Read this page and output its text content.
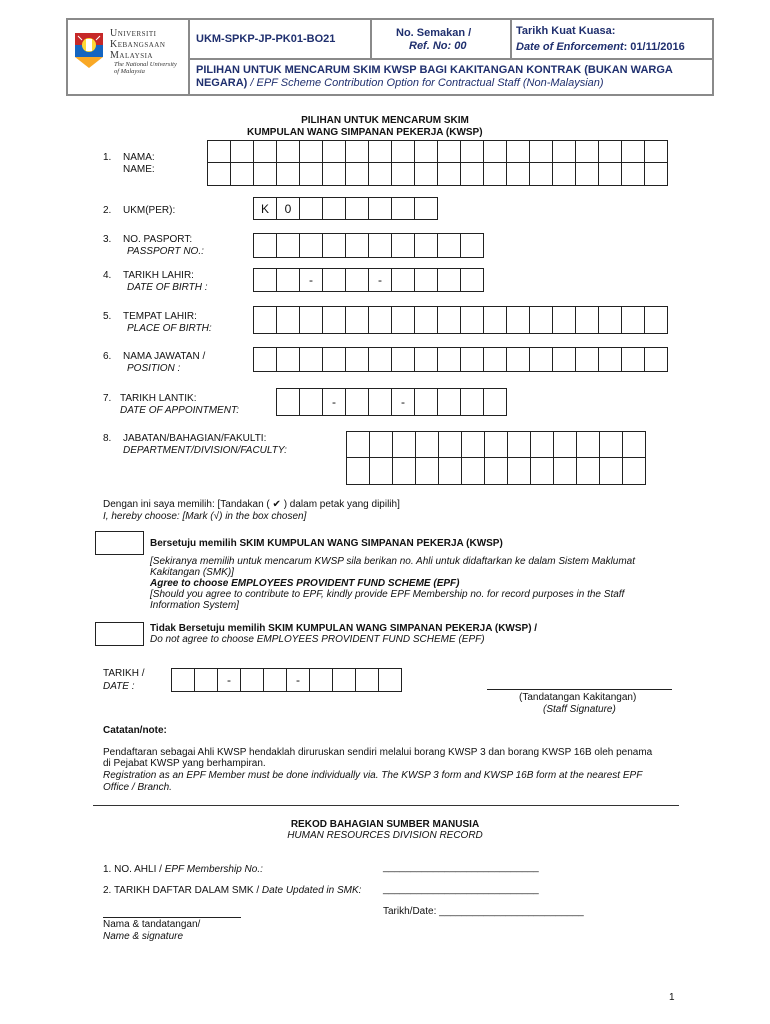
Universiti
Kebangsaan
Malaysia
The National University
of Malaysia
UKM-SPKP-JP-PK01-BO21	No. Semakan /
Ref. No: 00
Tarikh Kuat Kuasa:
Date of Enforcement: 01/11/2016
PILIHAN UNTUK MENCARUM SKIM KWSP BAGI KAKITANGAN KONTRAK (BUKAN WARGA NEGARA) / EPF Scheme Contribution Option for Contractual Staff (Non-Malaysian)
PILIHAN UNTUK MENCARUM SKIM
KUMPULAN WANG SIMPANAN PEKERJA (KWSP)
1. NAMA:
NAME:
2. UKM(PER):	K	0
3. NO. PASPORT:
PASSPORT NO.:
4. TARIKH LAHIR:
DATE OF BIRTH :
-	-
5. TEMPAT LAHIR:
PLACE OF BIRTH:
6. NAMA JAWATAN /
POSITION :
7. TARIKH LANTIK:
DATE OF APPOINTMENT:
-	-
8. JABATAN/BAHAGIAN/FAKULTI:
DEPARTMENT/DIVISION/FACULTY:
Dengan ini saya memilih: [Tandakan ( ✔ ) dalam petak yang dipilih]
I, hereby choose: [Mark (√) in the box chosen]
Bersetuju memilih SKIM KUMPULAN WANG SIMPANAN PEKERJA (KWSP)
[Sekiranya memilih untuk mencarum KWSP sila berikan no. Ahli untuk didaftarkan ke dalam Sistem Maklumat
Kakitangan (SMK)]
Agree to choose EMPLOYEES PROVIDENT FUND SCHEME (EPF)
[Should you agree to contribute to EPF, kindly provide EPF Membership no. for record purposes in the Staff
Information System]
Tidak Bersetuju memilih SKIM KUMPULAN WANG SIMPANAN PEKERJA (KWSP) /
Do not agree to choose EMPLOYEES PROVIDENT FUND SCHEME (EPF)
TARIKH /
DATE :	-	-
(Tandatangan Kakitangan)
(Staff Signature)
Catatan/note:
Pendaftaran sebagai Ahli KWSP hendaklah diruruskan sendiri melalui borang KWSP 3 dan borang KWSP 16B oleh penama
di Pejabat KWSP yang berhampiran.
Registration as an EPF Member must be done individually via. The KWSP 3 form and KWSP 16B form at the nearest EPF
Office / Branch.
REKOD BAHAGIAN SUMBER MANUSIA
HUMAN RESOURCES DIVISION RECORD
1. NO. AHLI / EPF Membership No.:	____________________________
2. TARIKH DAFTAR DALAM SMK / Date Updated in SMK: ____________________________
Nama & tandatangan/
Name & signature
Tarikh/Date: __________________________
1
